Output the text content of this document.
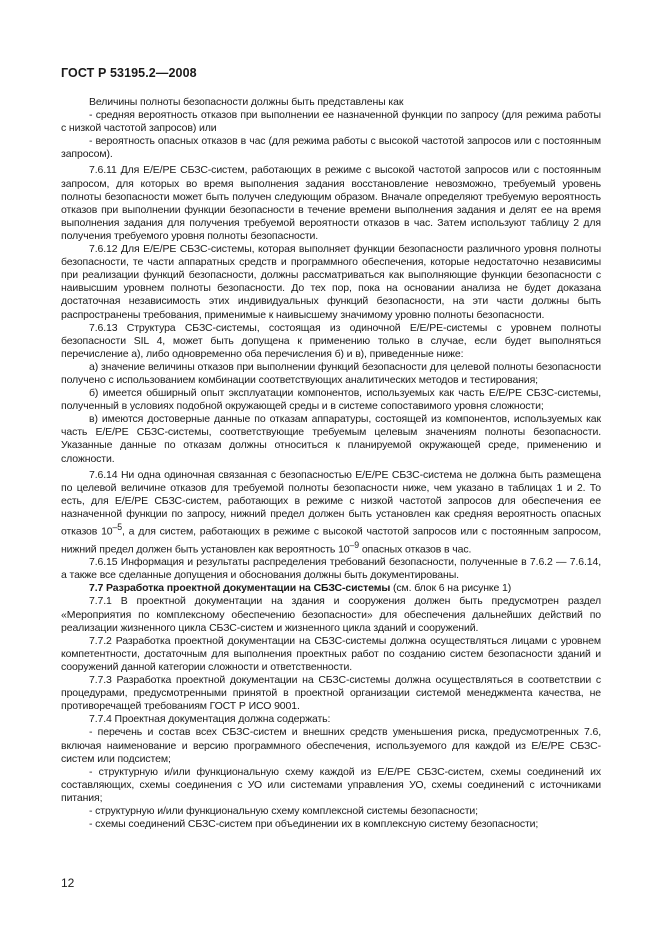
ГОСТ Р 53195.2—2008

Величины полноты безопасности должны быть представлены как

- средняя вероятность отказов при выполнении ее назначенной функции по запросу (для режима работы с низкой частотой запросов) или

- вероятность опасных отказов в час (для режима работы с высокой частотой запросов или с постоянным запросом).

7.6.11 Для Е/Е/РЕ СБЗС-систем, работающих в режиме с высокой частотой запросов или с постоянным запросом, для которых во время выполнения задания восстановление невозможно, требуемый уровень полноты безопасности может быть получен следующим образом. Вначале определяют требуемую вероятность отказов при выполнении функции безопасности в течение времени выполнения задания и делят ее на время выполнения задания для получения требуемой вероятности отказов в час. Затем используют таблицу 2 для получения требуемого уровня полноты безопасности.

7.6.12 Для Е/Е/РЕ СБЗС-системы, которая выполняет функции безопасности различного уровня полноты безопасности, те части аппаратных средств и программного обеспечения, которые недостаточно независимы при реализации функций безопасности, должны рассматриваться как выполняющие функции безопасности с наивысшим уровнем полноты безопасности. До тех пор, пока на основании анализа не будет доказана достаточная независимость этих индивидуальных функций безопасности, на эти части должны быть распространены требования, применимые к наивысшему значимому уровню полноты безопасности.

7.6.13 Структура СБЗС-системы, состоящая из одиночной Е/Е/РЕ-системы с уровнем полноты безопасности SIL 4, может быть допущена к применению только в случае, если будет выполняться перечисление а), либо одновременно оба перечисления б) и в), приведенные ниже:

а) значение величины отказов при выполнении функций безопасности для целевой полноты безопасности получено с использованием комбинации соответствующих аналитических методов и тестирования;

б) имеется обширный опыт эксплуатации компонентов, используемых как часть Е/Е/РЕ СБЗС-системы, полученный в условиях подобной окружающей среды и в системе сопоставимого уровня сложности;

в) имеются достоверные данные по отказам аппаратуры, состоящей из компонентов, используемых как часть Е/Е/РЕ СБЗС-системы, соответствующие требуемым целевым значениям полноты безопасности. Указанные данные по отказам должны относиться к планируемой окружающей среде, применению и сложности.

7.6.14 Ни одна одиночная связанная с безопасностью Е/Е/РЕ СБЗС-система не должна быть размещена по целевой величине отказов для требуемой полноты безопасности ниже, чем указано в таблицах 1 и 2. То есть, для Е/Е/РЕ СБЗС-систем, работающих в режиме с низкой частотой запросов для обеспечения ее назначенной функции по запросу, нижний предел должен быть установлен как средняя вероятность опасных отказов $10^{-5}$, а для систем, работающих в режиме с высокой частотой запросов или с постоянным запросом, нижний предел должен быть установлен как вероятность $10^{-9}$ опасных отказов в час.

7.6.15 Информация и результаты распределения требований безопасности, полученные в 7.6.2 — 7.6.14, а также все сделанные допущения и обоснования должны быть документированы.

7.7 Разработка проектной документации на СБЗС-системы (см. блок 6 на рисунке 1)

7.7.1 В проектной документации на здания и сооружения должен быть предусмотрен раздел «Мероприятия по комплексному обеспечению безопасности» для обеспечения дальнейших действий по реализации жизненного цикла СБЗС-систем и жизненного цикла зданий и сооружений.

7.7.2 Разработка проектной документации на СБЗС-системы должна осуществляться лицами с уровнем компетентности, достаточным для выполнения проектных работ по созданию систем безопасности зданий и сооружений данной категории сложности и ответственности.

7.7.3 Разработка проектной документации на СБЗС-системы должна осуществляться в соответствии с процедурами, предусмотренными принятой в проектной организации системой менеджмента качества, не противоречащей требованиям ГОСТ Р ИСО 9001.

7.7.4 Проектная документация должна содержать:

- перечень и состав всех СБЗС-систем и внешних средств уменьшения риска, предусмотренных 7.6, включая наименование и версию программного обеспечения, используемого для каждой из Е/Е/РЕ СБЗС-систем или подсистем;

- структурную и/или функциональную схему каждой из Е/Е/РЕ СБЗС-систем, схемы соединений их составляющих, схемы соединения с УО или системами управления УО, схемы соединений с источниками питания;

- структурную и/или функциональную схему комплексной системы безопасности;

- схемы соединений СБЗС-систем при объединении их в комплексную систему безопасности;

12
